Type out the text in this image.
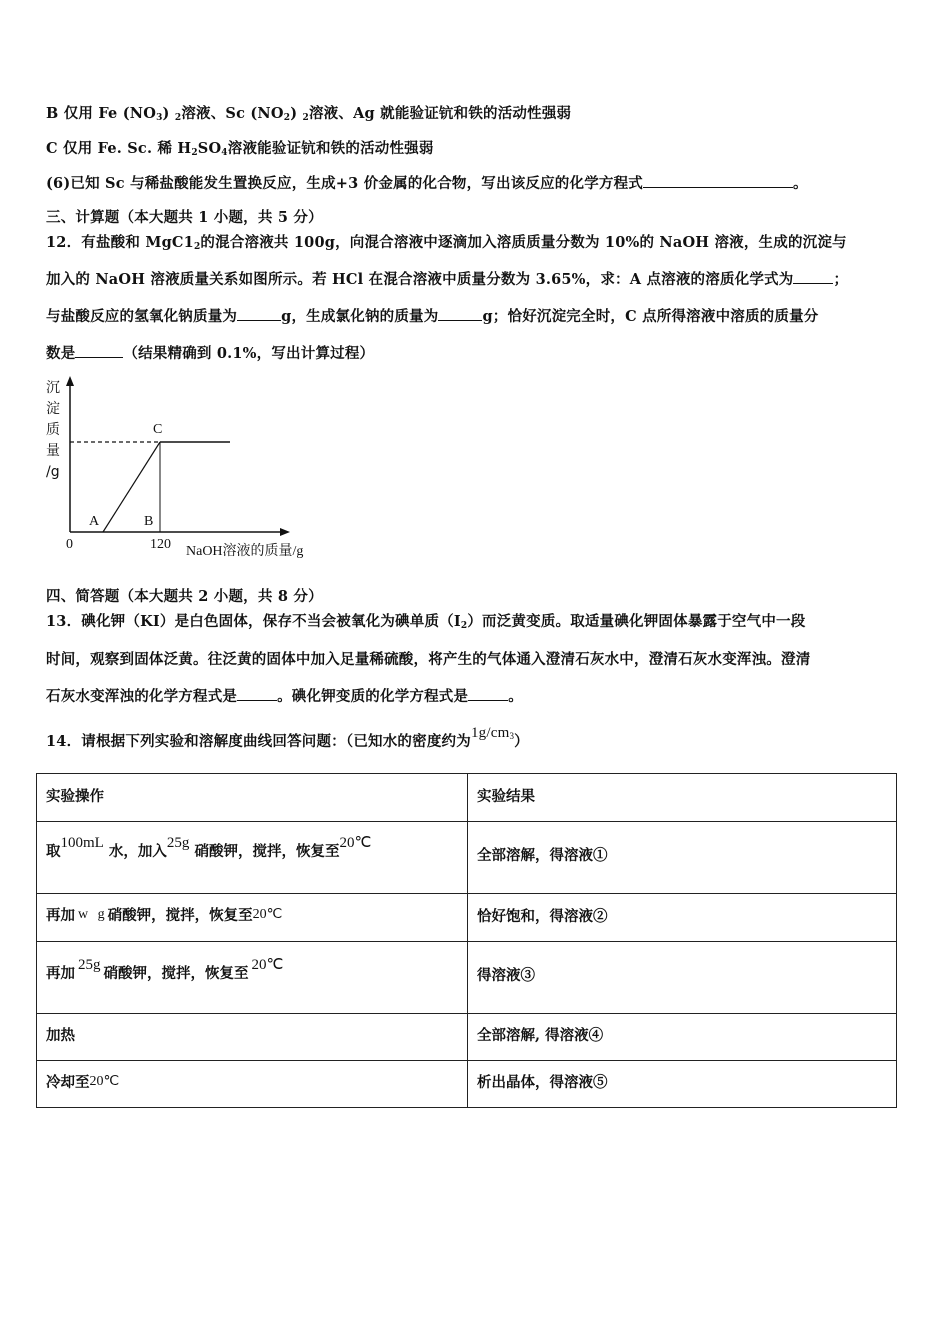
B 仅用 Fe $(NO_3)$ $_2$溶液、Sc $(NO_2)$ $_2$溶液、Ag 就能验证钪和铁的活动性强弱
C 仅用 Fe. Sc. 稀 $H_2SO_4$溶液能验证钪和铁的活动性强弱
(6)已知 Sc 与稀盐酸能发生置换反应，生成+3 价金属的化合物，写出该反应的化学方程式	。
三、计算题（本大题共 1 小题，共 5 分）
12．有盐酸和 $MgC1_2$的混合溶液共 100g，向混合溶液中逐滴加入溶质质量分数为 10%的 NaOH 溶液，生成的沉淀与
加入的 NaOH 溶液质量关系如图所示。若 HCl 在混合溶液中质量分数为 3.65%，求：A 点溶液的溶质化学式为	；
与盐酸反应的氢氧化钠质量为	g，生成氯化钠的质量为	g；恰好沉淀完全时，C 点所得溶液中溶质的质量分
数是	（结果精确到 0.1%，写出计算过程）
沉
淀
质
量
/g
C
A	B
0	120 NaOH溶液的质量/g
四、简答题（本大题共 2 小题，共 8 分）
13．碘化钾（KI）是白色固体，保存不当会被氧化为碘单质$(I_2)$而泛黄变质。取适量碘化钾固体暴露于空气中一段
时间，观察到固体泛黄。往泛黄的固体中加入足量稀硫酸，将产生的气体通入澄清石灰水中，澄清石灰水变浑浊。澄清
石灰水变浑浊的化学方程式是	。碘化钾变质的化学方程式是	。
14．请根据下列实验和溶解度曲线回答问题：（已知水的密度约为$1g/cm^3$）
实验操作	实验结果
取100mL 水，加入25g 硝酸钾，搅拌，恢复至20℃	全部溶解，得溶液①
再加 w g 硝酸钾，搅拌，恢复至20℃	恰好饱和，得溶液②
再加 25g 硝酸钾，搅拌，恢复至 20℃	得溶液③
加热	全部溶解, 得溶液④
冷却至20℃	析出晶体，得溶液⑤
